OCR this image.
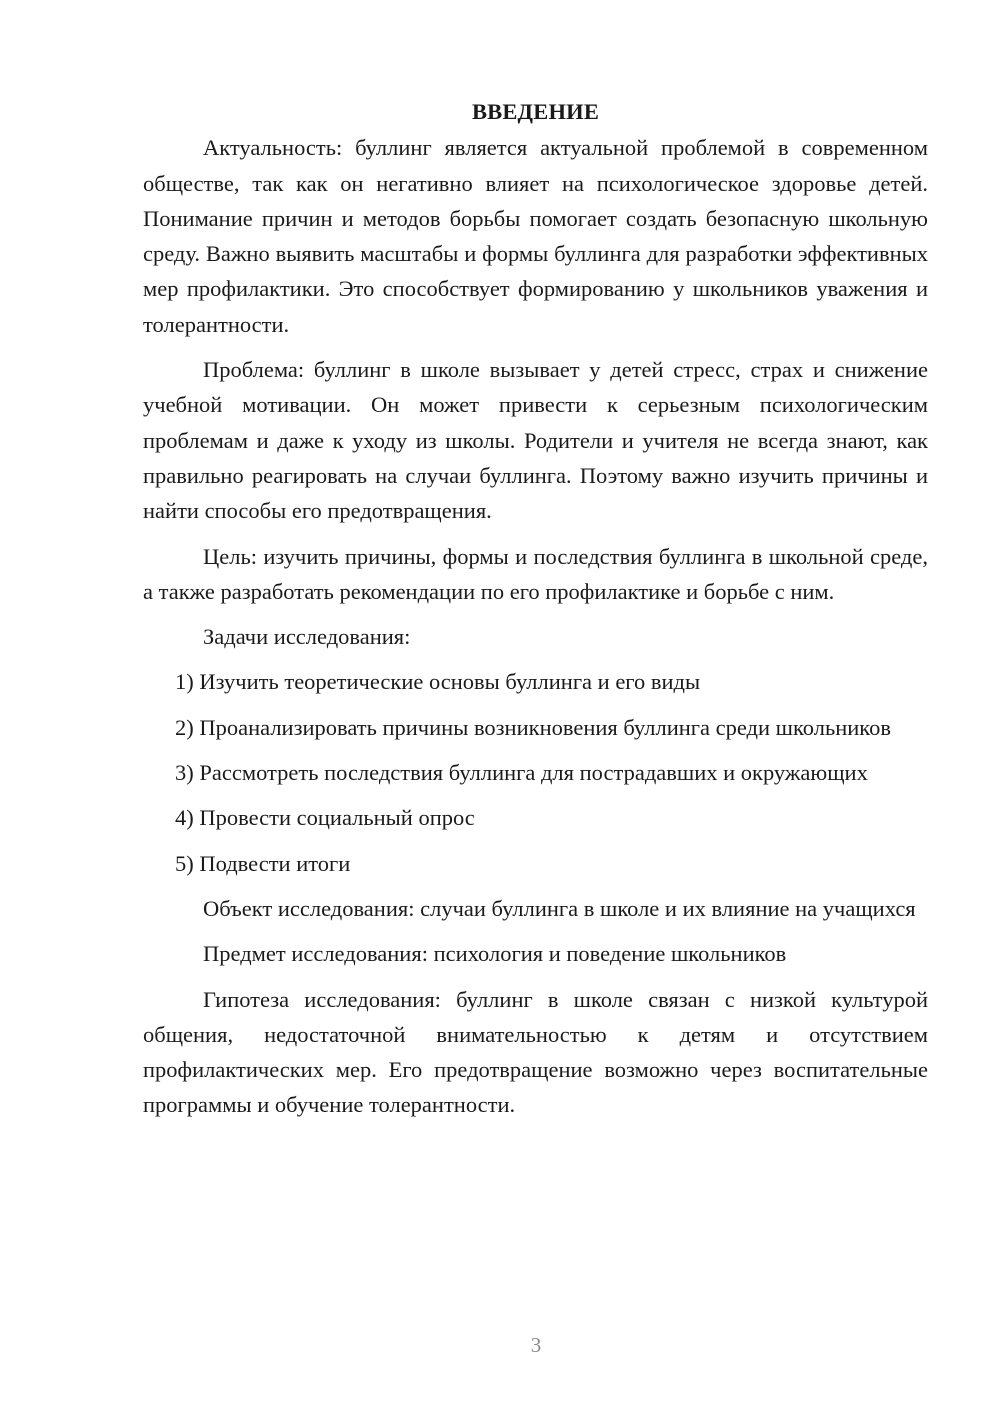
ВВЕДЕНИЕ

Актуальность: буллинг является актуальной проблемой в современном обществе, так как он негативно влияет на психологическое здоровье детей. Понимание причин и методов борьбы помогает создать безопасную школьную среду. Важно выявить масштабы и формы буллинга для разработки эффективных мер профилактики. Это способствует формированию у школьников уважения и толерантности.

Проблема: буллинг в школе вызывает у детей стресс, страх и снижение учебной мотивации. Он может привести к серьезным психологическим проблемам и даже к уходу из школы. Родители и учителя не всегда знают, как правильно реагировать на случаи буллинга. Поэтому важно изучить причины и найти способы его предотвращения.

Цель: изучить причины, формы и последствия буллинга в школьной среде, а также разработать рекомендации по его профилактике и борьбе с ним.

Задачи исследования:

1) Изучить теоретические основы буллинга и его виды

2) Проанализировать причины возникновения буллинга среди школьников

3) Рассмотреть последствия буллинга для пострадавших и окружающих

4) Провести социальный опрос

5) Подвести итоги

Объект исследования: случаи буллинга в школе и их влияние на учащихся

Предмет исследования: психология и поведение школьников

Гипотеза исследования: буллинг в школе связан с низкой культурой общения, недостаточной внимательностью к детям и отсутствием профилактических мер. Его предотвращение возможно через воспитательные программы и обучение толерантности.

3
